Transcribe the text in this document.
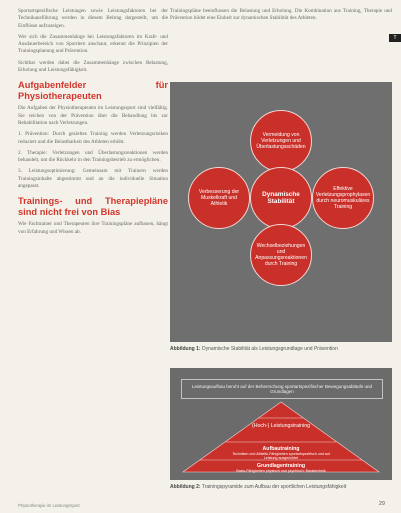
T

Sportartspezifische Leistungen sowie Leistungsfaktoren bei der Technikausführung werden in diesem Beitrag dargestellt, um die Einflüsse aufzuzeigen.

Wer sich die Zusammenhänge bei Leistungsfaktoren im Kraft- und Ausdauerbereich von Sportlern anschaut, erkennt die Prinzipien der Trainingsplanung und Prävention.

Sichtbar werden dabei die Zusammenhänge zwischen Belastung, Erholung und Leistungsfähigkeit.

Aufgabenfelder für Physiotherapeuten

Die Aufgaben der Physiotherapeuten im Leistungssport sind vielfältig. Sie reichen von der Prävention über die Behandlung bis zur Rehabilitation nach Verletzungen.

1. Prävention: Durch gezieltes Training werden Verletzungsrisiken reduziert und die Belastbarkeit des Athleten erhöht.

2. Therapie: Verletzungen und Überlastungsreaktionen werden behandelt, um die Rückkehr in den Trainingsbetrieb zu ermöglichen.

3. Leistungsoptimierung: Gemeinsam mit Trainern werden Trainingsinhalte abgestimmt und an die individuelle Situation angepasst.

Trainings- und Therapiepläne sind nicht frei von Bias

Wie Fachtrainer und Therapeuten ihre Trainingspläne aufbauen, hängt von Erfahrung und Wissen ab.

Trainingspläne beeinflussen die Belastung und Erholung. Die Kombination aus Training, Therapie und Prävention bildet eine Einheit zur dynamischen Stabilität des Athleten.

Vermeidung von Verletzungen und Überlastungsschäden
Verbesserung der Muskelkraft und Athletik
Dynamische Stabilität
Effektive Verletzungsprophylaxen durch neuromuskuläres Training
Wechselbeziehungen und Anpassungsreaktionen durch Training
Abbildung 1: Dynamische Stabilität als Leistungsgrundlage und Prävention
Leistungsaufbau beruht auf der Beherrschung sportartspezifischer Bewegungsabläufe und Grundlagen
(Hoch-) Leistungstraining
Aufbautraining
Techniken und Athletik-Fähigkeiten sportartspezifisch und auf Leistung ausgerichtet
Grundlagentraining
Basis-Fähigkeiten physisch und psychisch; Basistechnik
Abbildung 2: Trainingspyramide zum Aufbau der sportlichen Leistungsfähigkeit
Physiotherapie im Leistungssport	29
